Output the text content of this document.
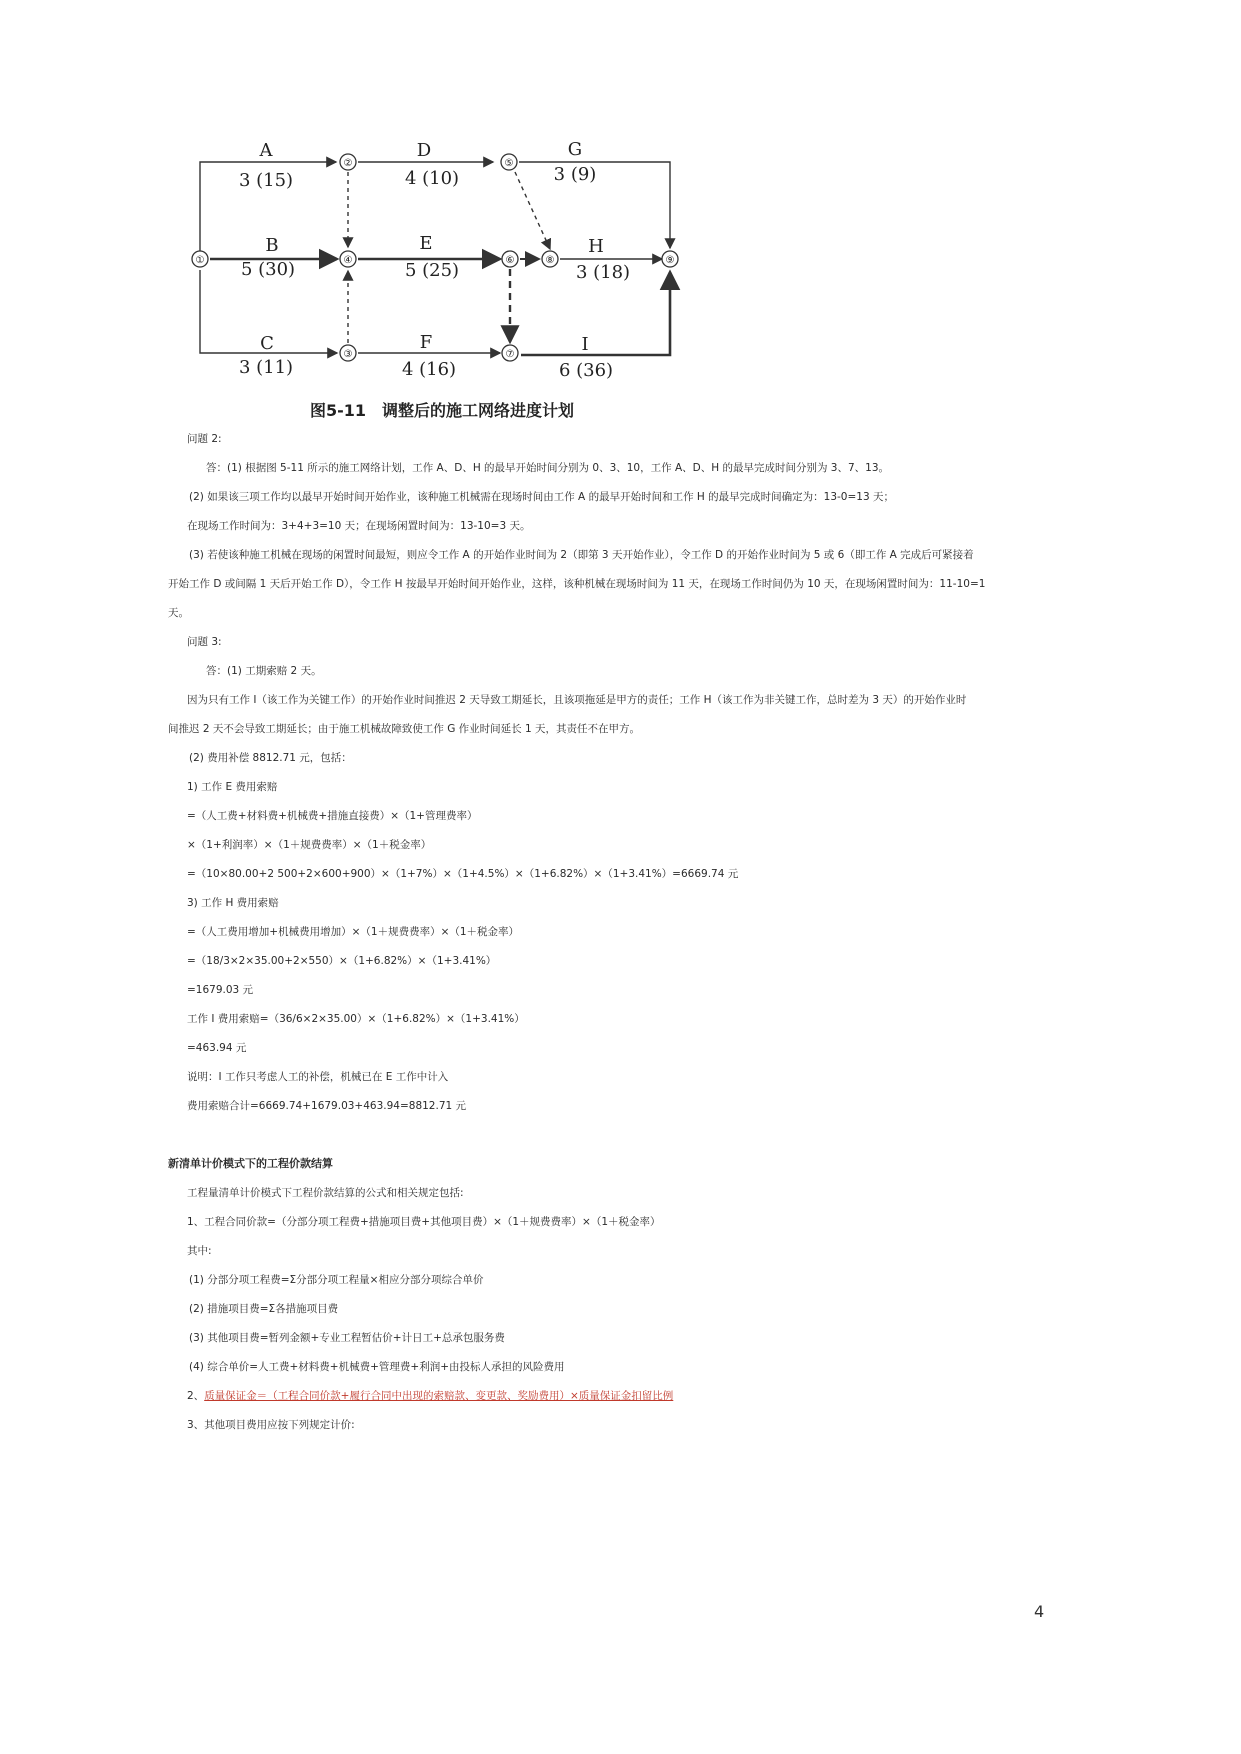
①
②
③
④
⑤
⑥
⑦
⑧	⑨
A
3 (15)
B
5 (30)
C
3 (11)
D
4 (10)
E
5 (25)
F
4 (16)
G
3 (9)
H
3 (18)
I
6 (36)
图5-11　调整后的施工网络进度计划
问题 2:
答：(1) 根据图 5-11 所示的施工网络计划，工作 A、D、H 的最早开始时间分别为 0、3、10，工作 A、D、H 的最早完成时间分别为 3、7、13。
(2) 如果该三项工作均以最早开始时间开始作业，该种施工机械需在现场时间由工作 A 的最早开始时间和工作 H 的最早完成时间确定为：13-0=13 天；
在现场工作时间为：3+4+3=10 天；在现场闲置时间为：13-10=3 天。
(3) 若使该种施工机械在现场的闲置时间最短，则应令工作 A 的开始作业时间为 2（即第 3 天开始作业），令工作 D 的开始作业时间为 5 或 6（即工作 A 完成后可紧接着
开始工作 D 或间隔 1 天后开始工作 D），令工作 H 按最早开始时间开始作业，这样，该种机械在现场时间为 11 天，在现场工作时间仍为 10 天，在现场闲置时间为：11-10=1
天。
问题 3:
答：(1) 工期索赔 2 天。
因为只有工作 I（该工作为关键工作）的开始作业时间推迟 2 天导致工期延长，且该项拖延是甲方的责任；工作 H（该工作为非关键工作，总时差为 3 天）的开始作业时
间推迟 2 天不会导致工期延长；由于施工机械故障致使工作 G 作业时间延长 1 天，其责任不在甲方。
(2) 费用补偿 8812.71 元，包括：
1) 工作 E 费用索赔
=（人工费+材料费+机械费+措施直接费）×（1+管理费率）
×（1+利润率）×（1＋规费费率）×（1＋税金率）
=（10×80.00+2 500+2×600+900）×（1+7%）×（1+4.5%）×（1+6.82%）×（1+3.41%）=6669.74 元
3) 工作 H 费用索赔
=（人工费用增加+机械费用增加）×（1＋规费费率）×（1＋税金率）
=（18/3×2×35.00+2×550）×（1+6.82%）×（1+3.41%）
=1679.03 元
工作 I 费用索赔=（36/6×2×35.00）×（1+6.82%）×（1+3.41%）
=463.94 元
说明：I 工作只考虑人工的补偿，机械已在 E 工作中计入
费用索赔合计=6669.74+1679.03+463.94=8812.71 元
新清单计价模式下的工程价款结算
工程量清单计价模式下工程价款结算的公式和相关规定包括:
1、工程合同价款=（分部分项工程费+措施项目费+其他项目费）×（1＋规费费率）×（1＋税金率）
其中:
(1) 分部分项工程费=Σ分部分项工程量×相应分部分项综合单价
(2) 措施项目费=Σ各措施项目费
(3) 其他项目费=暂列金额+专业工程暂估价+计日工+总承包服务费
(4) 综合单价=人工费+材料费+机械费+管理费+利润+由投标人承担的风险费用
2、质量保证金＝（工程合同价款+履行合同中出现的索赔款、变更款、奖励费用）×质量保证金扣留比例
3、其他项目费用应按下列规定计价:
4
